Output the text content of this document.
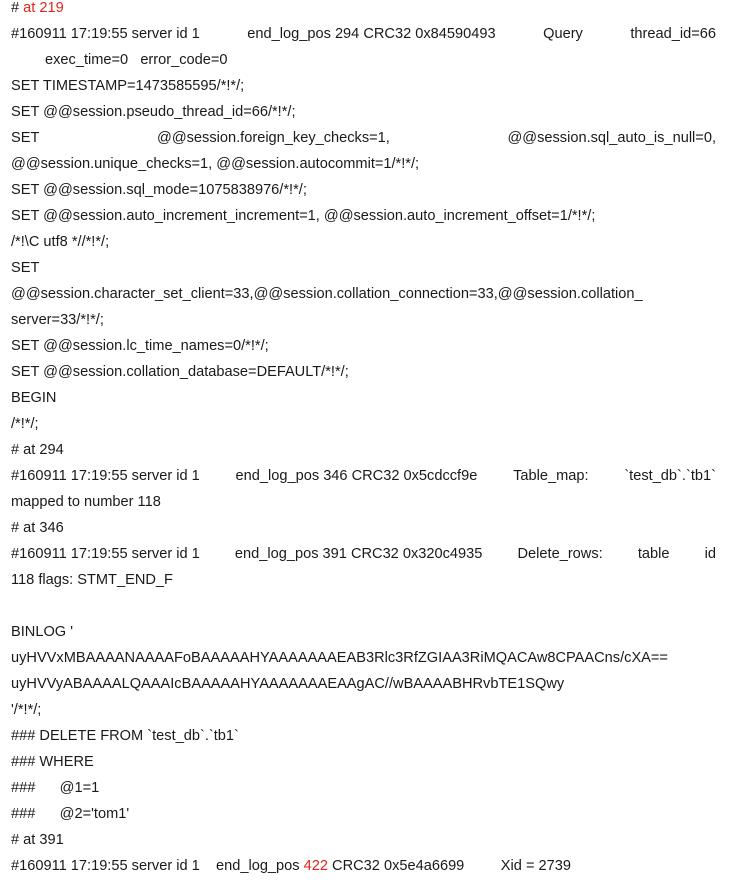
# at 219
#160911 17:19:55 server id 1	end_log_pos 294 CRC32 0x84590493	Query	thread_id=66
exec_time=0   error_code=0
SET TIMESTAMP=1473585595/*!*/;
SET @@session.pseudo_thread_id=66/*!*/;
SET	@@session.foreign_key_checks=1,	@@session.sql_auto_is_null=0,
@@session.unique_checks=1, @@session.autocommit=1/*!*/;
SET @@session.sql_mode=1075838976/*!*/;
SET @@session.auto_increment_increment=1, @@session.auto_increment_offset=1/*!*/;
/*!\C utf8 *//*!*/;
SET
@@session.character_set_client=33,@@session.collation_connection=33,@@session.collation_
server=33/*!*/;
SET @@session.lc_time_names=0/*!*/;
SET @@session.collation_database=DEFAULT/*!*/;
BEGIN
/*!*/;
# at 294
#160911 17:19:55 server id 1 end_log_pos 346 CRC32 0x5cdccf9e Table_map: `test_db`.`tb1`
mapped to number 118
# at 346
#160911 17:19:55 server id 1 end_log_pos 391 CRC32 0x320c4935 Delete_rows: table id
118 flags: STMT_END_F
BINLOG '
uyHVVxMBAAAANAAAAFoBAAAAAHYAAAAAAAEAB3Rlc3RfZGIAA3RiMQACAw8CPAACns/cXA==
uyHVVyABAAAALQAAAIcBAAAAAHYAAAAAAAEAAgAC//wBAAAABHRvbTE1SQwy
'/*!*/;
### DELETE FROM `test_db`.`tb1`
### WHERE
###      @1=1
###      @2='tom1'
# at 391
#160911 17:19:55 server id 1    end_log_pos 422 CRC32 0x5e4a6699         Xid = 2739
